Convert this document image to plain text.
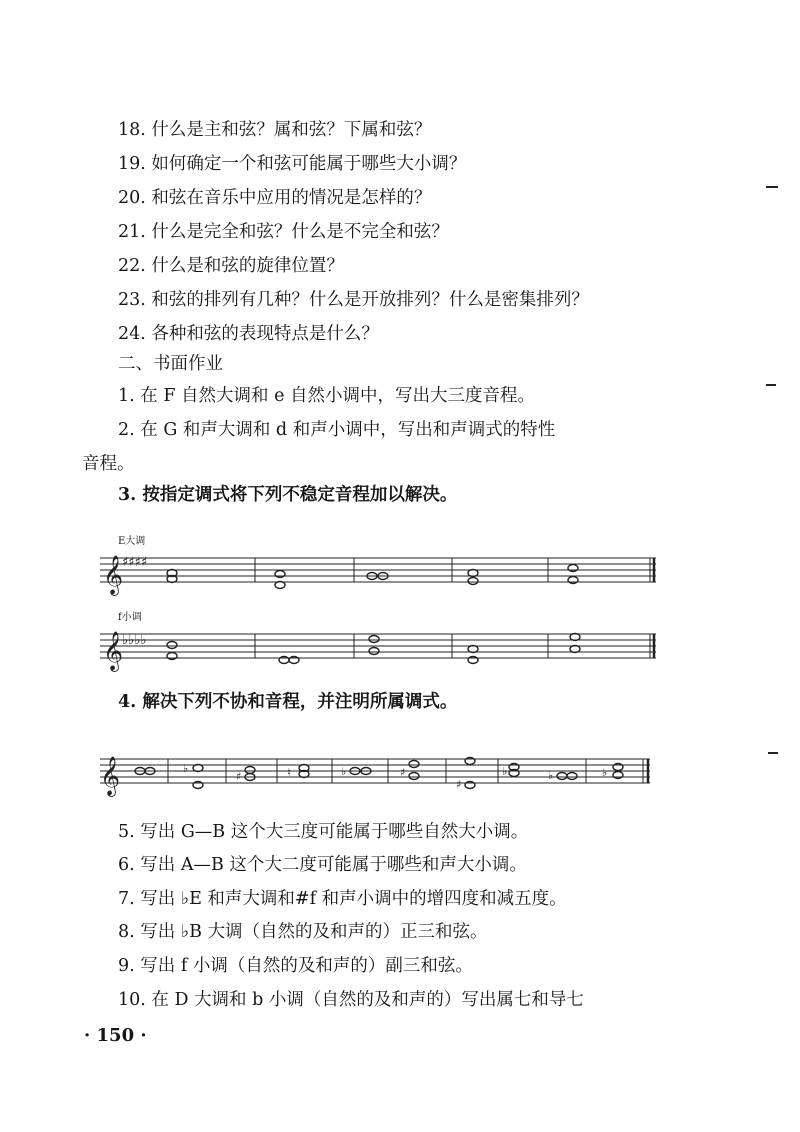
18. 什么是主和弦？属和弦？下属和弦？
19. 如何确定一个和弦可能属于哪些大小调？
20. 和弦在音乐中应用的情况是怎样的？
21. 什么是完全和弦？什么是不完全和弦？
22. 什么是和弦的旋律位置？
23. 和弦的排列有几种？什么是开放排列？什么是密集排列？
24. 各种和弦的表现特点是什么？
二、书面作业
1. 在 F 自然大调和 e 自然小调中，写出大三度音程。
2. 在 G 和声大调和 d 和声小调中，写出和声调式的特性
音程。
3. 按指定调式将下列不稳定音程加以解决。
E大调
f小调
𝄞
♯♯♯♯
𝄞
♭♭♭♭
𝄞	♭
♯	♮	♭	♯
♯
♭	♭	♭
4. 解决下列不协和音程，并注明所属调式。
5. 写出 G—B 这个大三度可能属于哪些自然大小调。
6. 写出 A—B 这个大二度可能属于哪些和声大小调。
7. 写出 ♭E 和声大调和#f 和声小调中的增四度和减五度。
8. 写出 ♭B 大调（自然的及和声的）正三和弦。
9. 写出 f 小调（自然的及和声的）副三和弦。
10. 在 D 大调和 b 小调（自然的及和声的）写出属七和导七
· 150 ·
